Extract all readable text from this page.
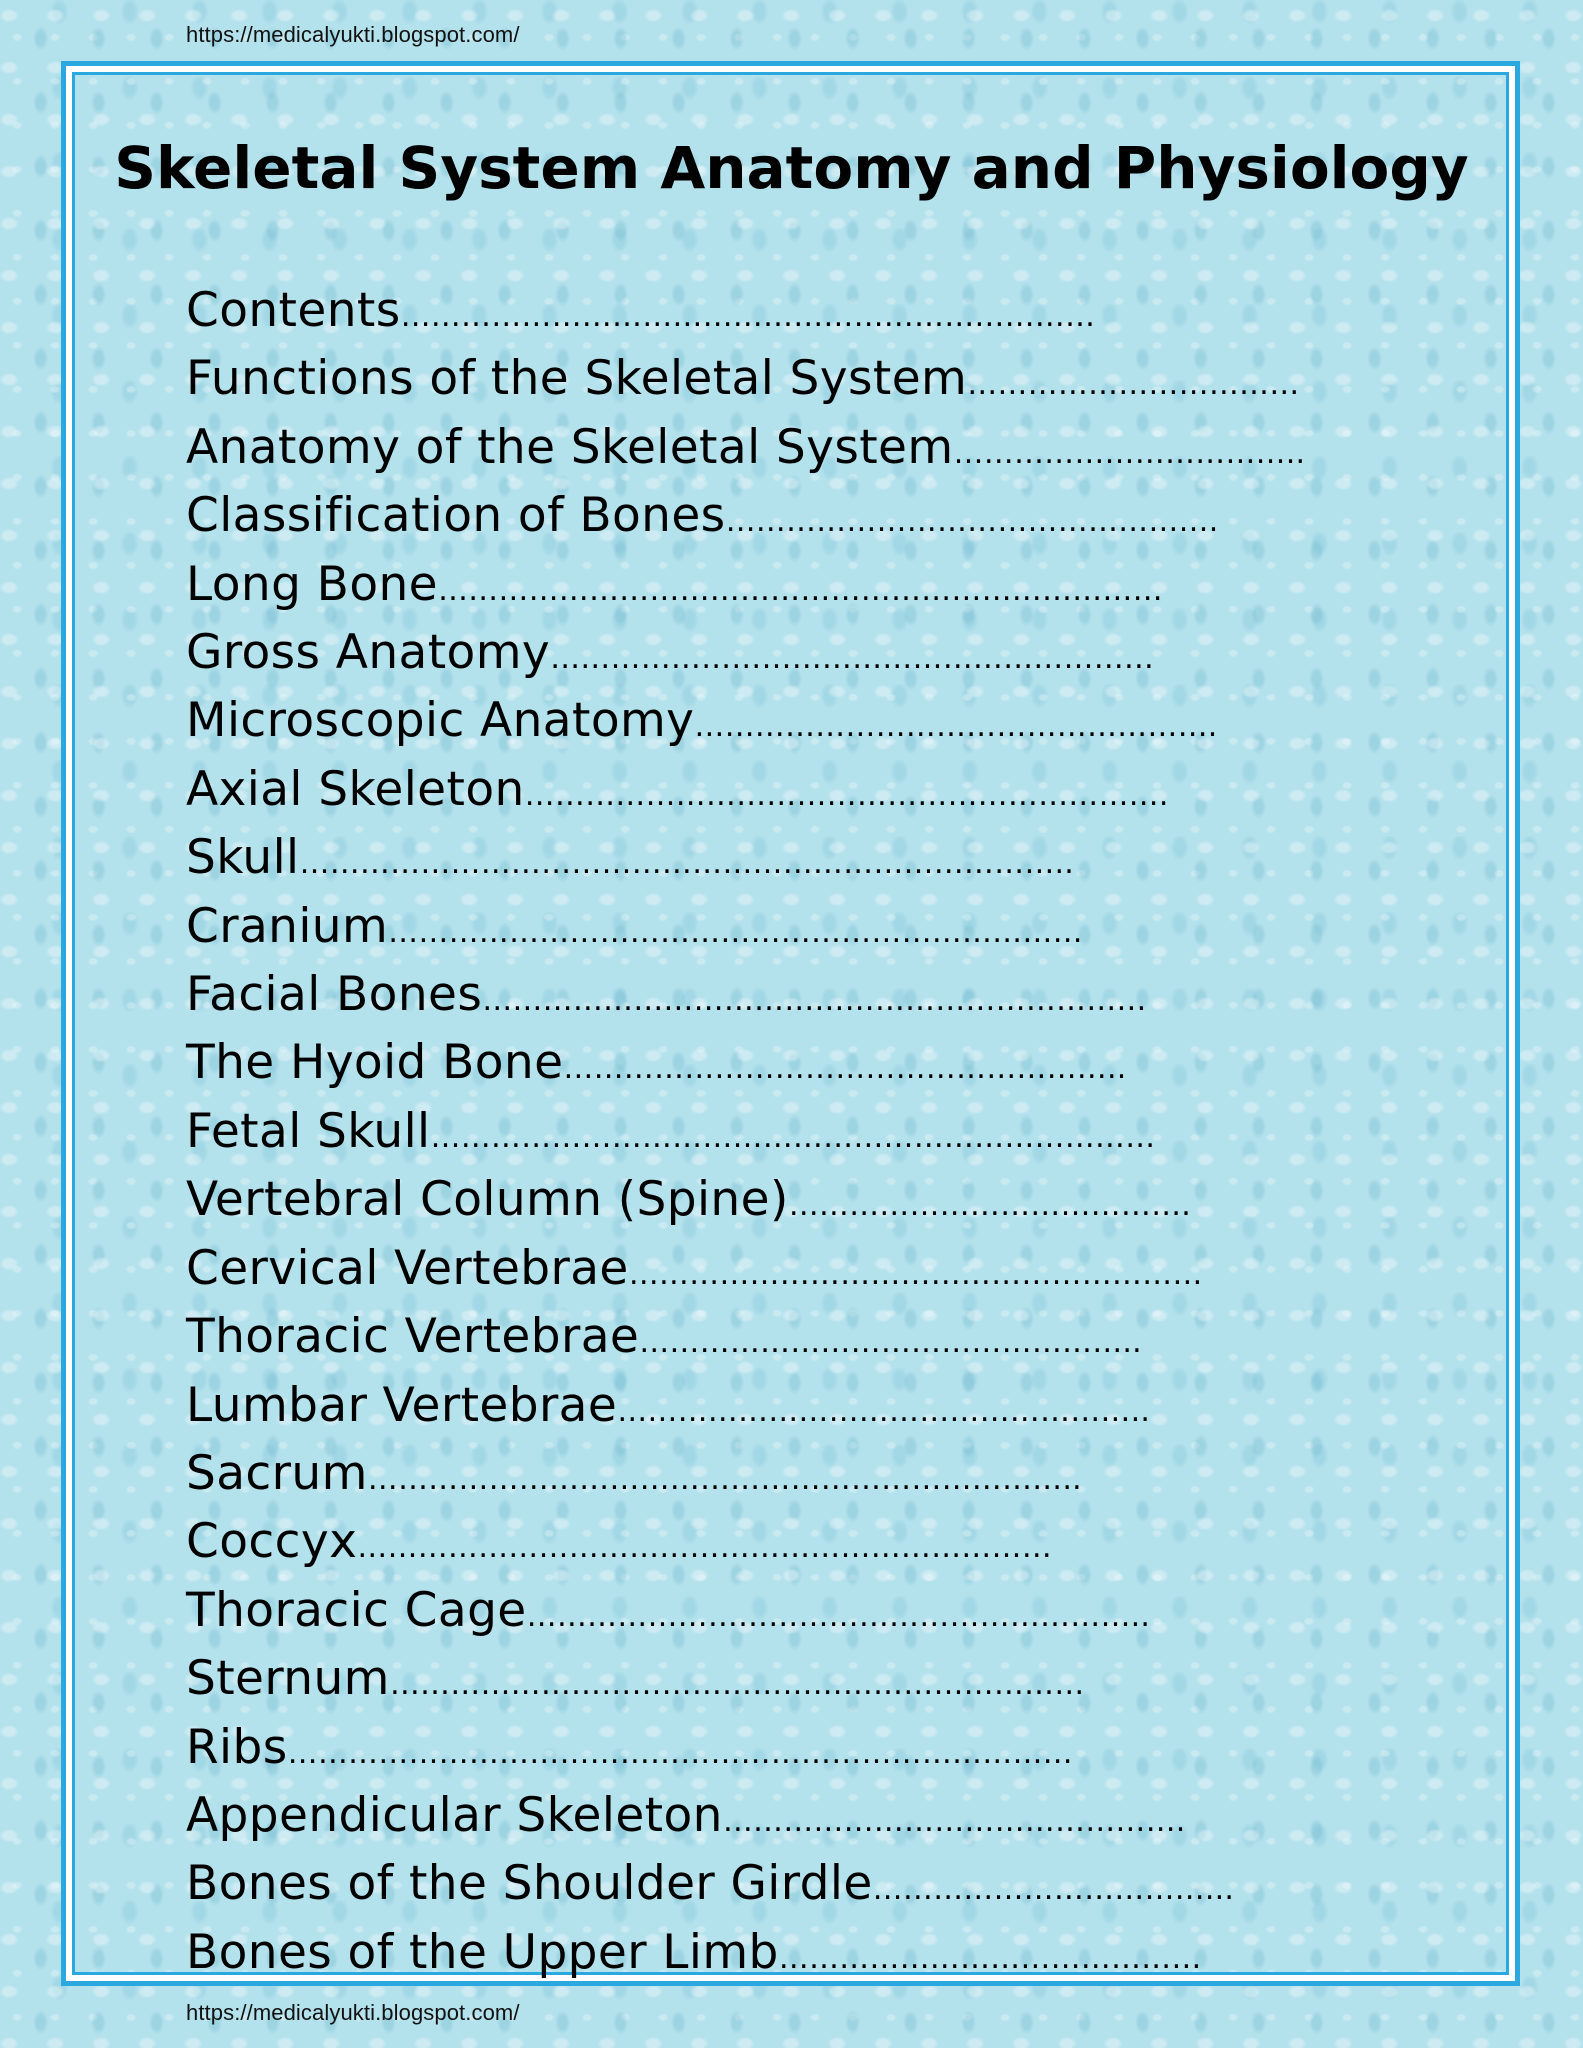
https://medicalyukti.blogspot.com/
Skeletal System Anatomy and Physiology
Contents……………………………………………………………
Functions of the Skeletal System……………………………
Anatomy of the Skeletal System……………………………..
Classification of Bones………………………………………….
Long Bone………………………………………………………………
Gross Anatomy……………………………………………………
Microscopic Anatomy…………………………………………….
Axial Skeleton……………………………………………………….
Skull…………………………………………………………………..
Cranium……………………………………………………………
Facial Bones…………………………………………………………
The Hyoid Bone………………………………………………..
Fetal Skull………………………………………………………………
Vertebral Column (Spine)………………………………….
Cervical Vertebrae…………………………………………………
Thoracic Vertebrae…………………………………………..
Lumbar Vertebrae……………………………………………..
Sacrum……………………………………………………………..
Coccyx……………………………………………………………
Thoracic Cage……………………………………………………..
Sternum……………………………………………………………
Ribs……………………………………………………………………
Appendicular Skeleton……………………………………….
Bones of the Shoulder Girdle……………………………...
Bones of the Upper Limb……………………………………
https://medicalyukti.blogspot.com/
